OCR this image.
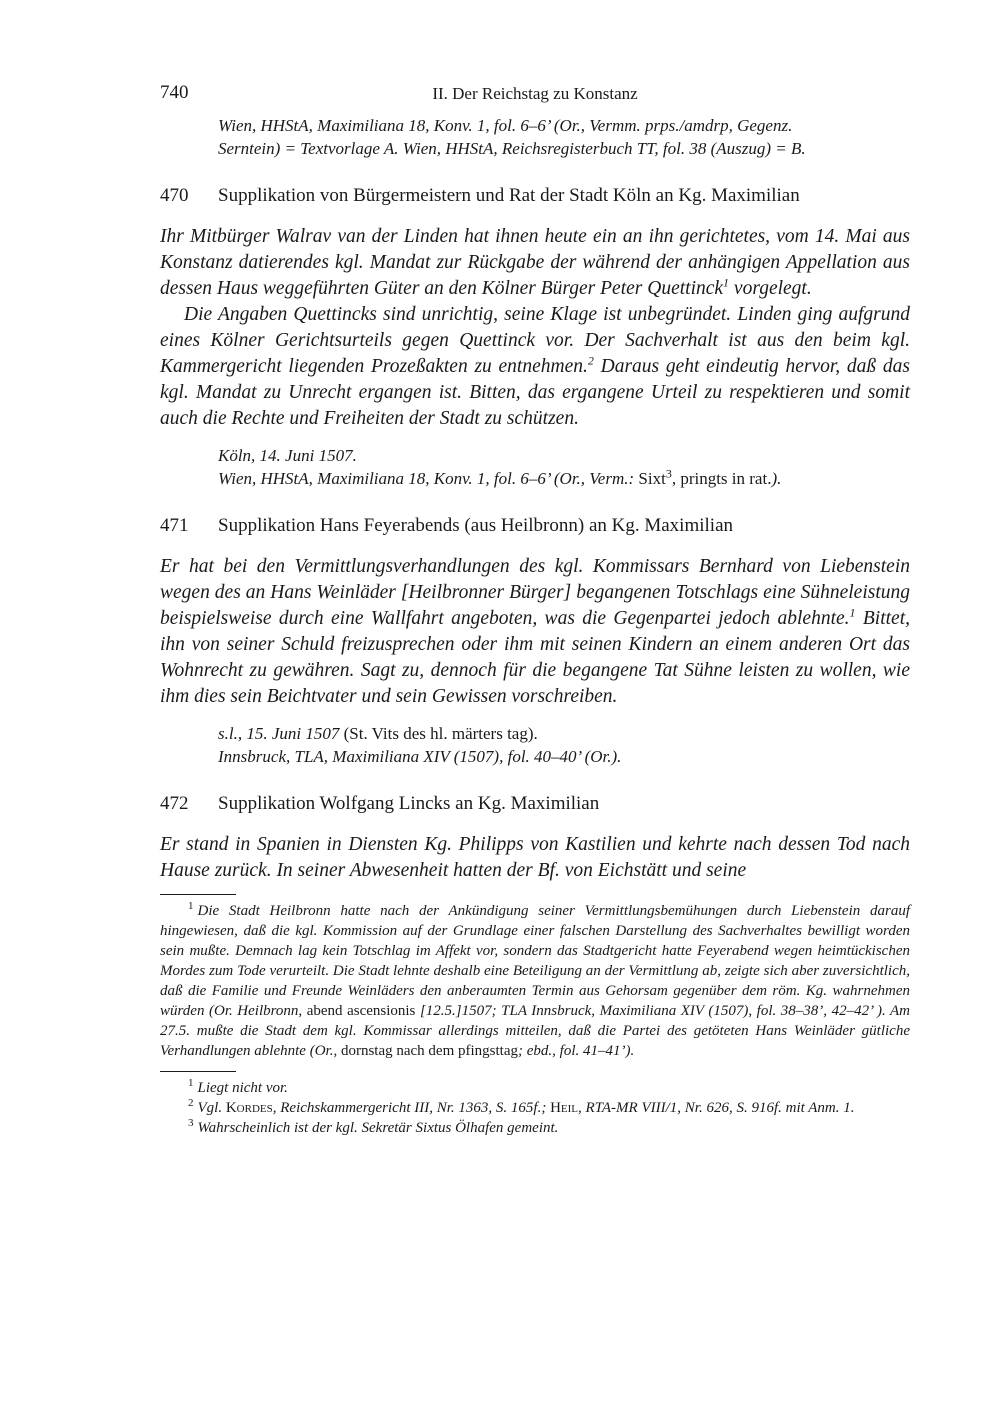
740	II. Der Reichstag zu Konstanz
Wien, HHStA, Maximiliana 18, Konv. 1, fol. 6–6’ (Or., Vermm. prps./amdrp, Gegenz.
Serntein) = Textvorlage A. Wien, HHStA, Reichsregisterbuch TT, fol. 38 (Auszug) = B.
470	Supplikation von Bürgermeistern und Rat der Stadt Köln an Kg. Maximilian

Ihr Mitbürger Walrav van der Linden hat ihnen heute ein an ihn gerichtetes, vom 14. Mai aus Konstanz datierendes kgl. Mandat zur Rückgabe der während der anhängigen Appellation aus dessen Haus weggeführten Güter an den Kölner Bürger Peter Quettinck$^1$ vorgelegt.

Die Angaben Quettincks sind unrichtig, seine Klage ist unbegründet. Linden ging aufgrund eines Kölner Gerichtsurteils gegen Quettinck vor. Der Sachverhalt ist aus den beim kgl. Kammergericht liegenden Prozeßakten zu entnehmen.$^2$ Daraus geht eindeutig hervor, daß das kgl. Mandat zu Unrecht ergangen ist. Bitten, das ergangene Urteil zu respektieren und somit auch die Rechte und Freiheiten der Stadt zu schützen.

Köln, 14. Juni 1507.
Wien, HHStA, Maximiliana 18, Konv. 1, fol. 6–6’ (Or., Verm.: Sixt$^3$, pringts in rat.).
471	Supplikation Hans Feyerabends (aus Heilbronn) an Kg. Maximilian

Er hat bei den Vermittlungsverhandlungen des kgl. Kommissars Bernhard von Liebenstein wegen des an Hans Weinläder [Heilbronner Bürger] begangenen Totschlags eine Sühneleistung beispielsweise durch eine Wallfahrt angeboten, was die Gegenpartei jedoch ablehnte.$^1$ Bittet, ihn von seiner Schuld freizusprechen oder ihm mit seinen Kindern an einem anderen Ort das Wohnrecht zu gewähren. Sagt zu, dennoch für die begangene Tat Sühne leisten zu wollen, wie ihm dies sein Beichtvater und sein Gewissen vorschreiben.

s.l., 15. Juni 1507 (St. Vits des hl. märters tag).
Innsbruck, TLA, Maximiliana XIV (1507), fol. 40–40’ (Or.).
472	Supplikation Wolfgang Lincks an Kg. Maximilian

Er stand in Spanien in Diensten Kg. Philipps von Kastilien und kehrte nach dessen Tod nach Hause zurück. In seiner Abwesenheit hatten der Bf. von Eichstätt und seine

$^1$ Die Stadt Heilbronn hatte nach der Ankündigung seiner Vermittlungsbemühungen durch Liebenstein darauf hingewiesen, daß die kgl. Kommission auf der Grundlage einer falschen Darstellung des Sachverhaltes bewilligt worden sein mußte. Demnach lag kein Totschlag im Affekt vor, sondern das Stadtgericht hatte Feyerabend wegen heimtückischen Mordes zum Tode verurteilt. Die Stadt lehnte deshalb eine Beteiligung an der Vermittlung ab, zeigte sich aber zuversichtlich, daß die Familie und Freunde Weinläders den anberaumten Termin aus Gehorsam gegenüber dem röm. Kg. wahrnehmen würden (Or. Heilbronn, abend ascensionis [12.5.]1507; TLA Innsbruck, Maximiliana XIV (1507), fol. 38–38’, 42–42’ ). Am 27.5. mußte die Stadt dem kgl. Kommissar allerdings mitteilen, daß die Partei des getöteten Hans Weinläder gütliche Verhandlungen ablehnte (Or., dornstag nach dem pfingsttag; ebd., fol. 41–41’).

$^1$ Liegt nicht vor.

$^2$ Vgl. Kordes, Reichskammergericht III, Nr. 1363, S. 165f.; Heil, RTA-MR VIII/1, Nr. 626, S. 916f. mit Anm. 1.

$^3$ Wahrscheinlich ist der kgl. Sekretär Sixtus Ölhafen gemeint.
